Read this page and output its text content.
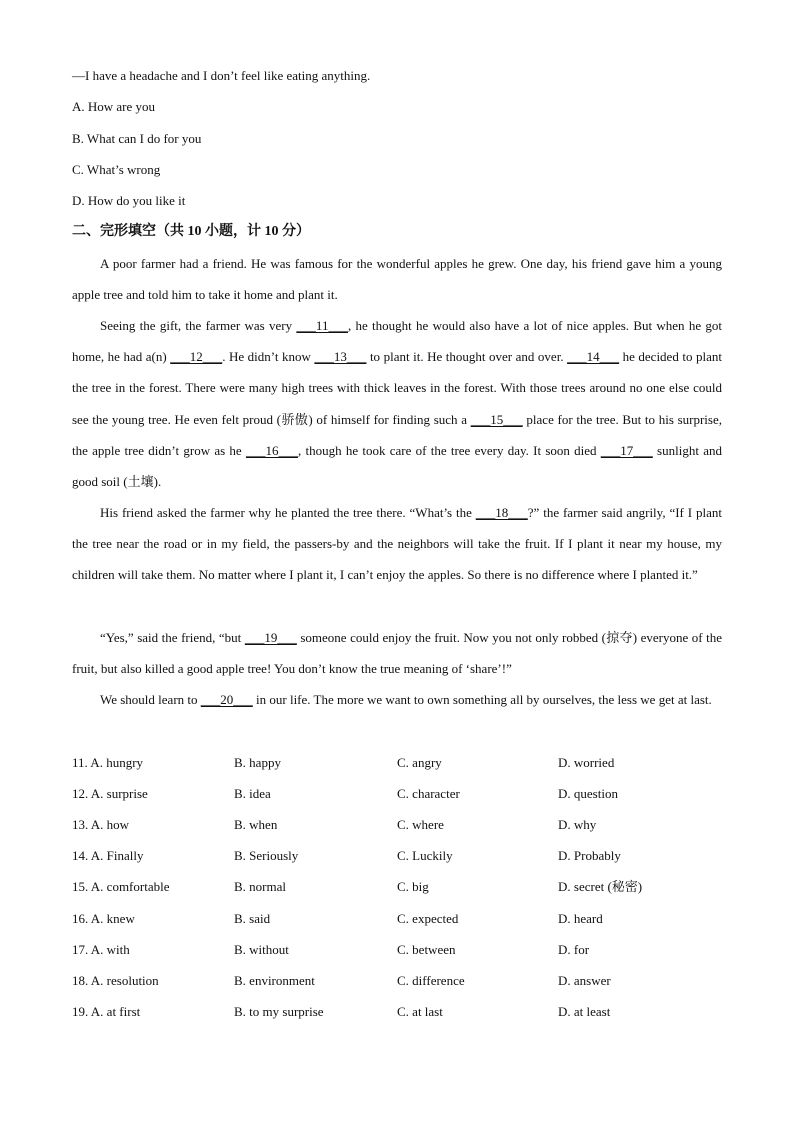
—I have a headache and I don’t feel like eating anything.
A. How are you
B. What can I do for you
C. What’s wrong
D. How do you like it
二、完形填空（共 10 小题，计 10 分）
A poor farmer had a friend. He was famous for the wonderful apples he grew. One day, his friend gave him a young apple tree and told him to take it home and plant it.
Seeing the gift, the farmer was very ___11___, he thought he would also have a lot of nice apples. But when he got home, he had a(n) ___12___. He didn’t know ___13___ to plant it. He thought over and over. ___14___ he decided to plant the tree in the forest. There were many high trees with thick leaves in the forest. With those trees around no one else could see the young tree. He even felt proud (骄傲) of himself for finding such a ___15___ place for the tree. But to his surprise, the apple tree didn’t grow as he ___16___, though he took care of the tree every day. It soon died ___17___ sunlight and good soil (土壤).
His friend asked the farmer why he planted the tree there. “What’s the ___18___?” the farmer said angrily, “If I plant the tree near the road or in my field, the passers-by and the neighbors will take the fruit. If I plant it near my house, my children will take them. No matter where I plant it, I can’t enjoy the apples. So there is no difference where I planted it.”
“Yes,” said the friend, “but ___19___ someone could enjoy the fruit. Now you not only robbed (掠夺) everyone of the fruit, but also killed a good apple tree! You don’t know the true meaning of ‘share’!”
We should learn to ___20___ in our life. The more we want to own something all by ourselves, the less we get at last.
11. A. hungry	B. happy	C. angry	D. worried
12. A. surprise	B. idea	C. character	D. question
13. A. how	B. when	C. where	D. why
14. A. Finally	B. Seriously	C. Luckily	D. Probably
15. A. comfortable	B. normal	C. big	D. secret (秘密)
16. A. knew	B. said	C. expected	D. heard
17. A. with	B. without	C. between	D. for
18. A. resolution	B. environment	C. difference	D. answer
19. A. at first	B. to my surprise	C. at last	D. at least
